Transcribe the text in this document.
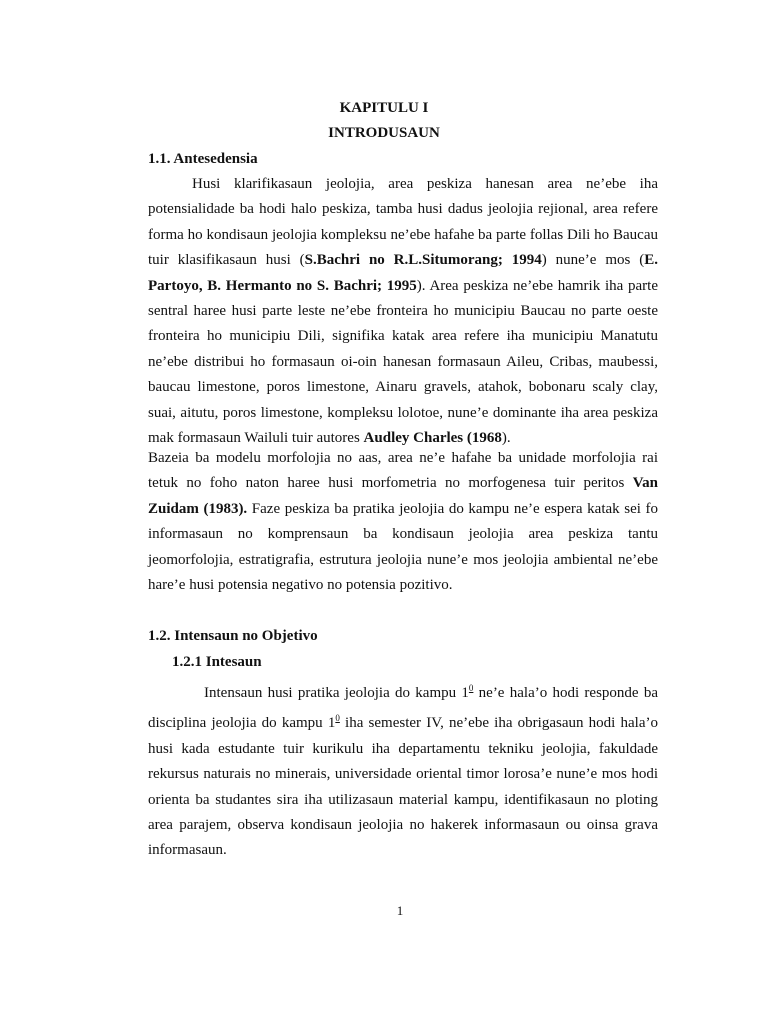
KAPITULU I
INTRODUSAUN
1.1. Antesedensia

Husi klarifikasaun jeolojia, area peskiza hanesan area ne’ebe iha potensialidade ba hodi halo peskiza, tamba husi dadus jeolojia rejional, area refere forma ho kondisaun jeolojia kompleksu ne’ebe hafahe ba parte follas Dili ho Baucau tuir klasifikasaun husi (S.Bachri no R.L.Situmorang; 1994) nune’e mos (E. Partoyo, B. Hermanto no S. Bachri; 1995). Area peskiza ne’ebe hamrik iha parte sentral haree husi parte leste ne’ebe fronteira ho municipiu Baucau no parte oeste fronteira ho municipiu Dili, signifika katak area refere iha municipiu Manatutu ne’ebe distribui ho formasaun oi-oin hanesan formasaun Aileu, Cribas, maubessi, baucau limestone, poros limestone, Ainaru gravels, atahok, bobonaru scaly clay, suai, aitutu, poros limestone, kompleksu lolotoe, nune’e dominante iha area peskiza mak formasaun Wailuli tuir autores Audley Charles (1968).

Bazeia ba modelu morfolojia no aas, area ne’e hafahe ba unidade morfolojia rai tetuk no foho naton haree husi morfometria no morfogenesa tuir peritos Van Zuidam (1983). Faze peskiza ba pratika jeolojia do kampu ne’e espera katak sei fo informasaun no komprensaun ba kondisaun jeolojia area peskiza tantu jeomorfolojia, estratigrafia, estrutura jeolojia nune’e mos jeolojia ambiental ne’ebe hare’e husi potensia negativo no potensia pozitivo.

1.2. Intensaun no Objetivo
1.2.1 Intesaun

Intensaun husi pratika jeolojia do kampu $1^0$ ne’e hala’o hodi responde ba disciplina jeolojia do kampu $1^0$ iha semester IV, ne’ebe iha obrigasaun hodi hala’o husi kada estudante tuir kurikulu iha departamentu tekniku jeolojia, fakuldade rekursus naturais no minerais, universidade oriental timor lorosa’e nune’e mos hodi orienta ba studantes sira iha utilizasaun material kampu, identifikasaun no ploting area parajem, observa kondisaun jeolojia no hakerek informasaun ou oinsa grava informasaun.

1
